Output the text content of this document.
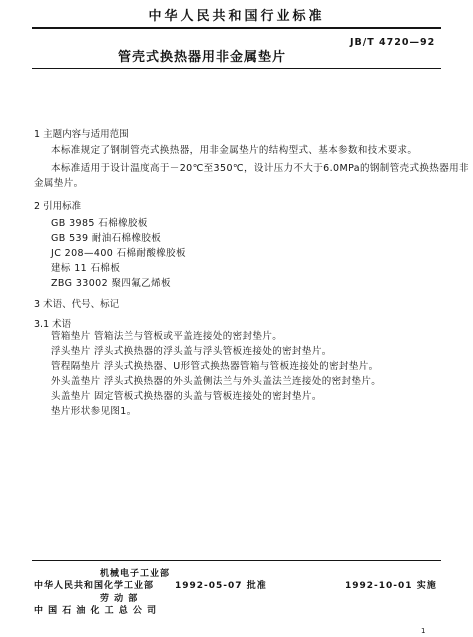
中华人民共和国行业标准
JB/T 4720—92
管壳式换热器用非金属垫片
1 主题内容与适用范围
本标准规定了钢制管壳式换热器，用非金属垫片的结构型式、基本参数和技术要求。
本标准适用于设计温度高于－20℃至350℃，设计压力不大于6.0MPa的钢制管壳式换热器用非
金属垫片。
2 引用标准
GB 3985 石棉橡胶板
GB 539 耐油石棉橡胶板
JC 208—400 石棉耐酸橡胶板
建标 11 石棉板
ZBG 33002 聚四氟乙烯板
3 术语、代号、标记
3.1 术语
管箱垫片 管箱法兰与管板或平盖连接处的密封垫片。
浮头垫片 浮头式换热器的浮头盖与浮头管板连接处的密封垫片。
管程隔垫片 浮头式换热器、U形管式换热器管箱与管板连接处的密封垫片。
外头盖垫片 浮头式换热器的外头盖侧法兰与外头盖法兰连接处的密封垫片。
头盖垫片 固定管板式换热器的头盖与管板连接处的密封垫片。
垫片形状参见图1。
机械电子工业部
中华人民共和国化学工业部
劳 动 部
1992-05-07 批准
中 国 石 油 化 工 总 公 司
1992-10-01 实施
1
